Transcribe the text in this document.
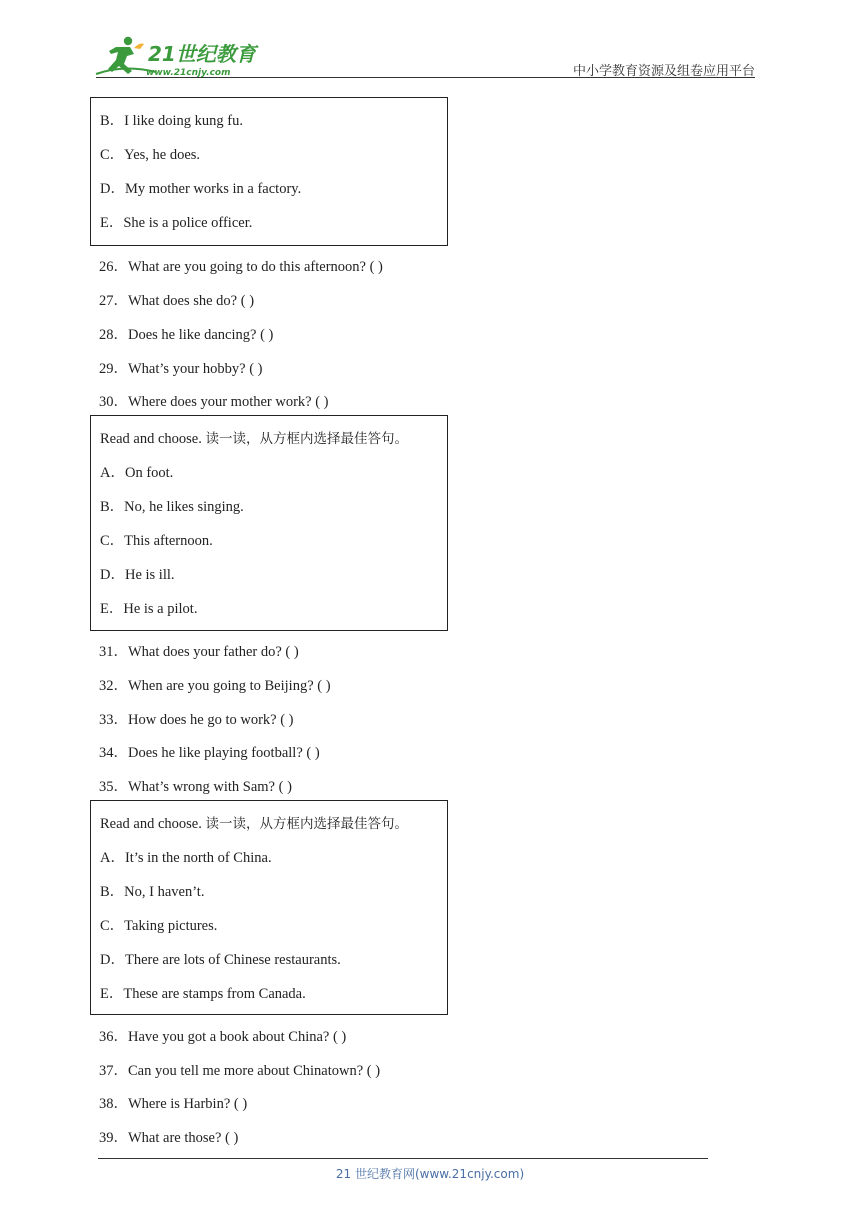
21世纪教育
www.21cnjy.com	中小学教育资源及组卷应用平台
B．I like doing kung fu.
C．Yes, he does.
D．My mother works in a factory.
E．She is a police officer.
26．What are you going to do this afternoon? ( )
27．What does she do? ( )
28．Does he like dancing? ( )
29．What’s your hobby? ( )
30．Where does your mother work? ( )
Read and choose. 读一读，从方框内选择最佳答句。
A．On foot.
B．No, he likes singing.
C．This afternoon.
D．He is ill.
E．He is a pilot.
31．What does your father do? ( )
32．When are you going to Beijing? ( )
33．How does he go to work? ( )
34．Does he like playing football? ( )
35．What’s wrong with Sam? ( )
Read and choose. 读一读，从方框内选择最佳答句。
A．It’s in the north of China.
B．No, I haven’t.
C．Taking pictures.
D．There are lots of Chinese restaurants.
E．These are stamps from Canada.
36．Have you got a book about China? ( )
37．Can you tell me more about Chinatown? ( )
38．Where is Harbin? ( )
39．What are those? ( )
21 世纪教育网(www.21cnjy.com)
